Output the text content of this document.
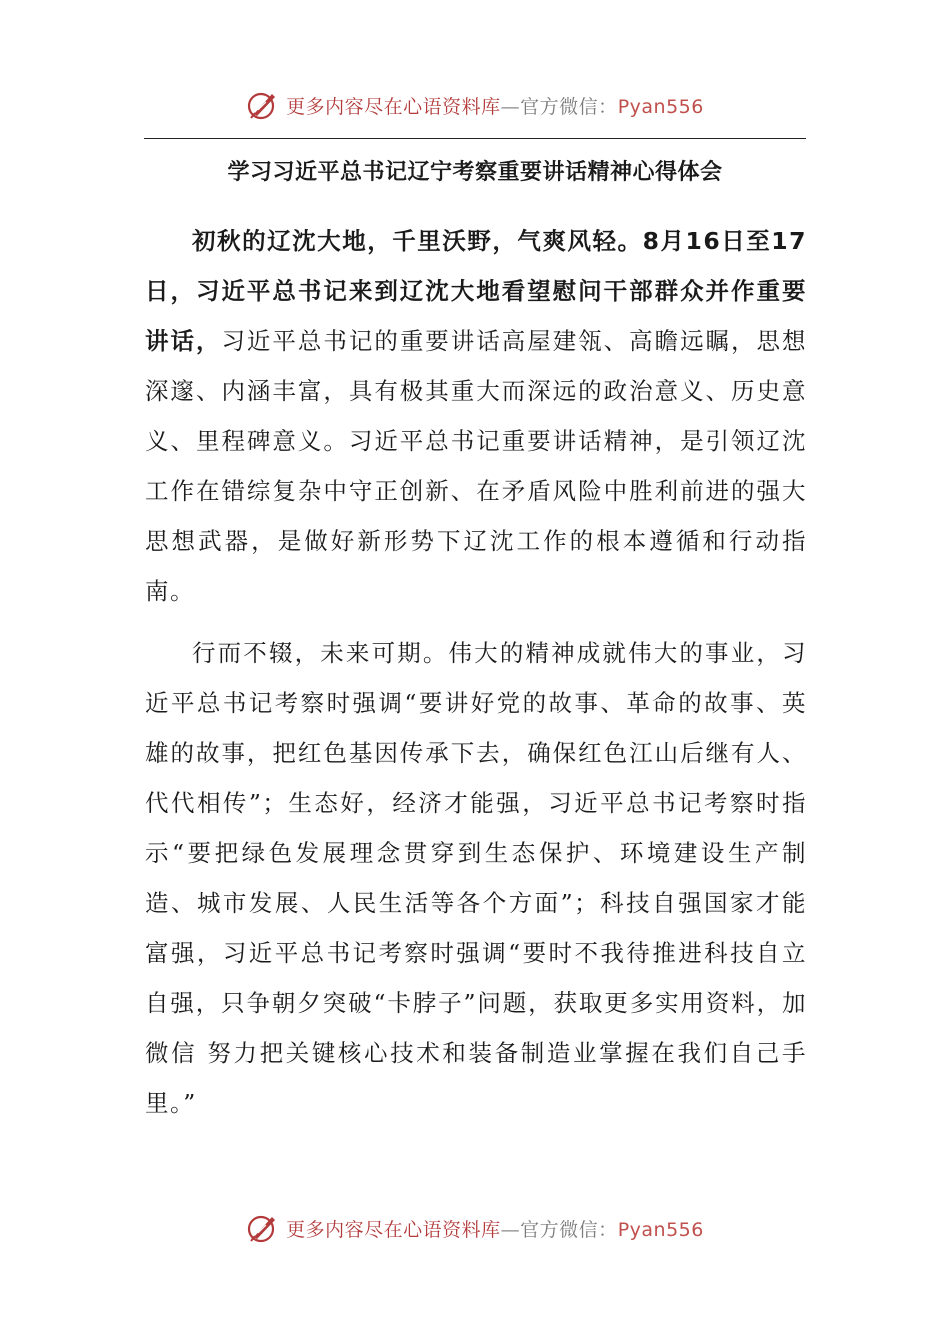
更多内容尽在心语资料库—官方微信：Pyan556
学习习近平总书记辽宁考察重要讲话精神心得体会

初秋的辽沈大地，千里沃野，气爽风轻。8月16日至17日，习近平总书记来到辽沈大地看望慰问干部群众并作重要讲话，习近平总书记的重要讲话高屋建瓴、高瞻远瞩，思想深邃、内涵丰富，具有极其重大而深远的政治意义、历史意义、里程碑意义。习近平总书记重要讲话精神，是引领辽沈工作在错综复杂中守正创新、在矛盾风险中胜利前进的强大思想武器，是做好新形势下辽沈工作的根本遵循和行动指南。

行而不辍，未来可期。伟大的精神成就伟大的事业，习近平总书记考察时强调“要讲好党的故事、革命的故事、英雄的故事，把红色基因传承下去，确保红色江山后继有人、代代相传”；生态好，经济才能强，习近平总书记考察时指示“要把绿色发展理念贯穿到生态保护、环境建设生产制造、城市发展、人民生活等各个方面”；科技自强国家才能富强，习近平总书记考察时强调“要时不我待推进科技自立自强，只争朝夕突破“卡脖子”问题，获取更多实用资料，加微信 努力把关键核心技术和装备制造业掌握在我们自己手里。”

更多内容尽在心语资料库—官方微信：Pyan556
